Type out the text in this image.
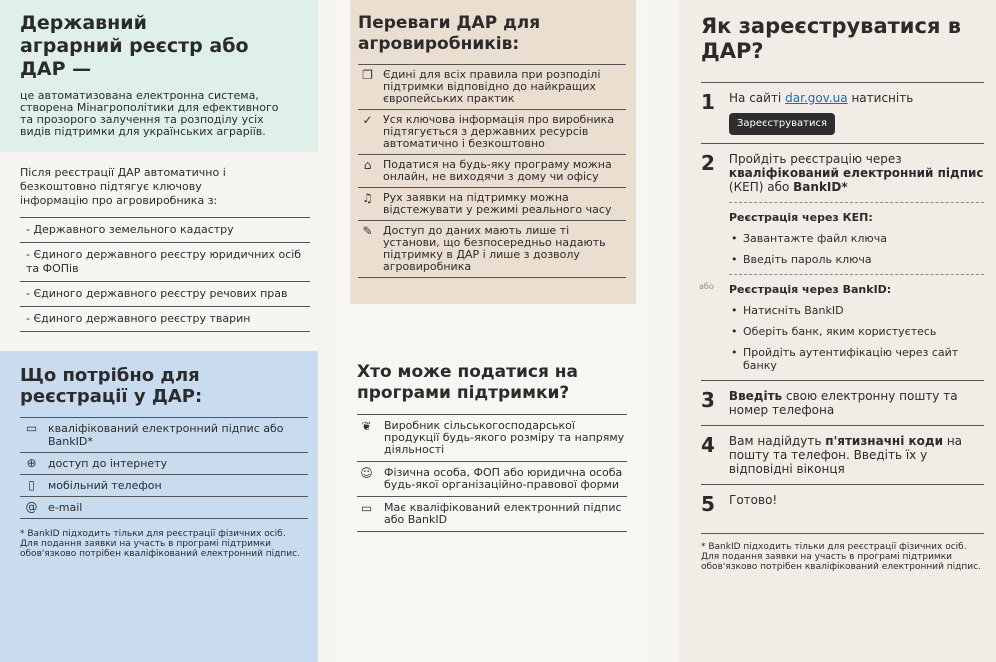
Державний аграрний реєстр або ДАР —

це автоматизована електронна система, створена Мінагрополітики для ефективного та прозорого залучення та розподілу усіх видів підтримки для українських аграріїв.

Після реєстрації ДАР автоматично і безкоштовно підтягує ключову інформацію про агровиробника з:

- Державного земельного кадастру
- Єдиного державного реєстру юридичних осіб та ФОПів
- Єдиного державного реєстру речових прав
- Єдиного державного реєстру тварин
Що потрібно для реєстрації у ДАР:
▭ кваліфікований електронний підпис або BankID*
⊕ доступ до інтернету
▯	мобільний телефон
@ e-mail

* BankID підходить тільки для реєстрації фізичних осіб. Для подання заявки на участь в програмі підтримки обов'язково потрібен кваліфікований електронний підпис.

Переваги ДАР для агровиробників:
❐ Єдині для всіх правила при розподілі підтримки відповідно до найкращих європейських практик
✓ Уся ключова інформація про виробника підтягується з державних ресурсів автоматично і безкоштовно
⌂	Податися на будь-яку програму можна онлайн, не виходячи з дому чи офісу
♫ Рух заявки на підтримку можна відстежувати у режимі реального часу
✎ Доступ до даних мають лише ті установи, що безпосередньо надають підтримку в ДАР і лише з дозволу агровиробника
Хто може податися на програми підтримки?
❦ Виробник сільськогосподарської продукції будь-якого розміру та напряму діяльності
☺ Фізична особа, ФОП або юридична особа будь-якої організаційно-правової форми
▭ Має кваліфікований електронний підпис або BankID
Як зареєструватися в ДАР?
1 На сайті dar.gov.ua натисніть
Зареєструватися
2 Пройдіть реєстрацію через кваліфікований електронний підпис (КЕП) або BankID*
Реєстрація через КЕП:
• Завантажте файл ключа
• Введіть пароль ключа
або Реєстрація через BankID:
• Натисніть BankID
• Оберіть банк, яким користуєтесь
• Пройдіть аутентифікацію через сайт банку
3 Введіть свою електронну пошту та номер телефона
4 Вам надійдуть п'ятизначні коди на пошту та телефон. Введіть їх у відповідні віконця
5 Готово!

* BankID підходить тільки для реєстрації фізичних осіб. Для подання заявки на участь в програмі підтримки обов'язково потрібен кваліфікований електронний підпис.
